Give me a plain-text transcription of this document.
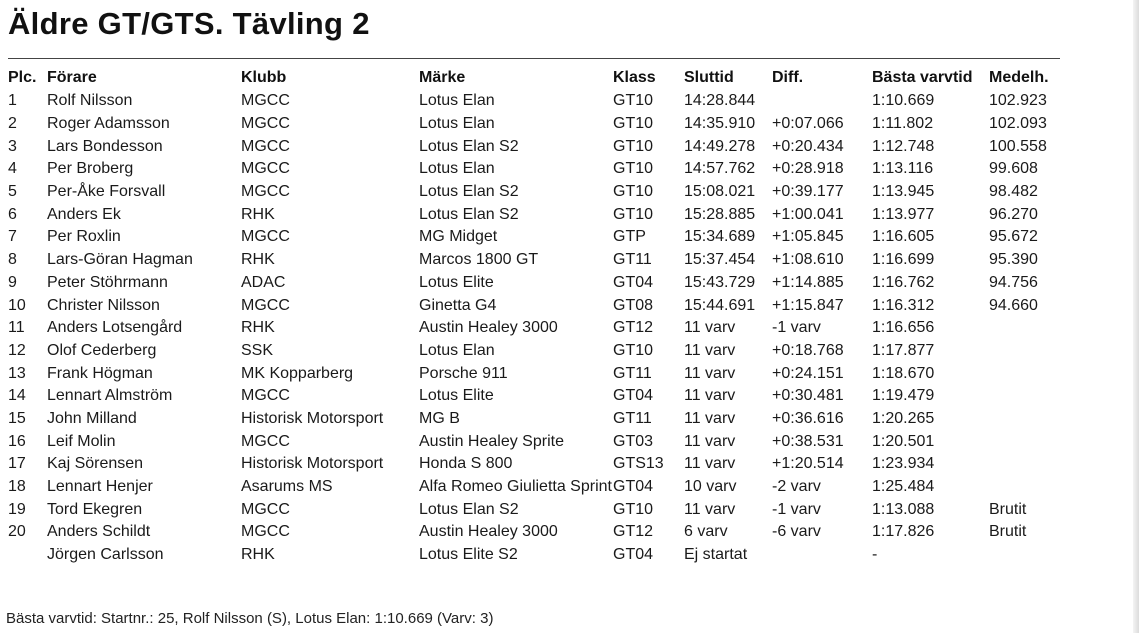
Äldre GT/GTS. Tävling 2
Plc.	Förare	Klubb	Märke	Klass	Sluttid	Diff.	Bästa varvtid	Medelh.
1	Rolf Nilsson	MGCC	Lotus Elan	GT10	14:28.844		1:10.669	102.923
2	Roger Adamsson	MGCC	Lotus Elan	GT10	14:35.910	+0:07.066	1:11.802	102.093
3	Lars Bondesson	MGCC	Lotus Elan S2	GT10	14:49.278	+0:20.434	1:12.748	100.558
4	Per Broberg	MGCC	Lotus Elan	GT10	14:57.762	+0:28.918	1:13.116	99.608
5	Per-Åke Forsvall	MGCC	Lotus Elan S2	GT10	15:08.021	+0:39.177	1:13.945	98.482
6	Anders Ek	RHK	Lotus Elan S2	GT10	15:28.885	+1:00.041	1:13.977	96.270
7	Per Roxlin	MGCC	MG Midget	GTP	15:34.689	+1:05.845	1:16.605	95.672
8	Lars-Göran Hagman	RHK	Marcos 1800 GT	GT11	15:37.454	+1:08.610	1:16.699	95.390
9	Peter Stöhrmann	ADAC	Lotus Elite	GT04	15:43.729	+1:14.885	1:16.762	94.756
10	Christer Nilsson	MGCC	Ginetta G4	GT08	15:44.691	+1:15.847	1:16.312	94.660
11	Anders Lotsengård	RHK	Austin Healey 3000	GT12	11 varv	-1 varv	1:16.656	
12	Olof Cederberg	SSK	Lotus Elan	GT10	11 varv	+0:18.768	1:17.877	
13	Frank Högman	MK Kopparberg	Porsche 911	GT11	11 varv	+0:24.151	1:18.670	
14	Lennart Almström	MGCC	Lotus Elite	GT04	11 varv	+0:30.481	1:19.479	
15	John Milland	Historisk Motorsport	MG B	GT11	11 varv	+0:36.616	1:20.265	
16	Leif Molin	MGCC	Austin Healey Sprite	GT03	11 varv	+0:38.531	1:20.501	
17	Kaj Sörensen	Historisk Motorsport	Honda S 800	GTS13	11 varv	+1:20.514	1:23.934	
18	Lennart Henjer	Asarums MS	Alfa Romeo Giulietta Sprint	GT04	10 varv	-2 varv	1:25.484	
19	Tord Ekegren	MGCC	Lotus Elan S2	GT10	11 varv	-1 varv	1:13.088	Brutit
20	Anders Schildt	MGCC	Austin Healey 3000	GT12	6 varv	-6 varv	1:17.826	Brutit
	Jörgen Carlsson	RHK	Lotus Elite S2	GT04	Ej startat		-	
Bästa varvtid: Startnr.: 25, Rolf Nilsson (S), Lotus Elan: 1:10.669 (Varv: 3)
